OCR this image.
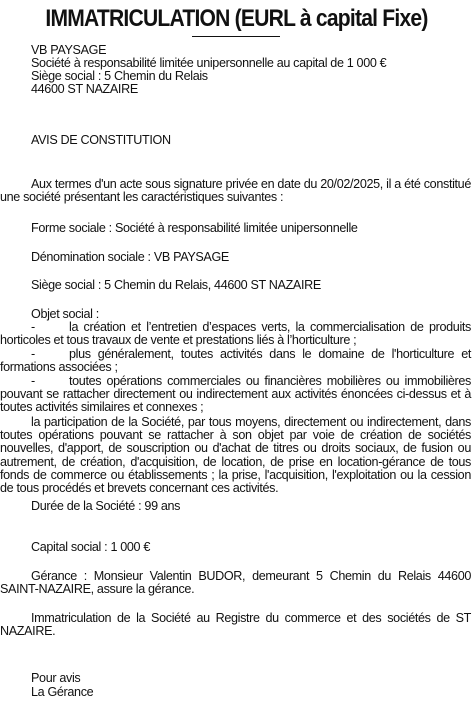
IMMATRICULATION (EURL à capital Fixe)

VB PAYSAGE

Société à responsabilité limitée unipersonnelle au capital de 1 000 €

Siège social : 5 Chemin du Relais

44600 ST NAZAIRE

AVIS DE CONSTITUTION

Aux termes d'un acte sous signature privée en date du 20/02/2025, il a été constitué une société présentant les caractéristiques suivantes :

Forme sociale : Société à responsabilité limitée unipersonnelle

Dénomination sociale : VB PAYSAGE

Siège social : 5 Chemin du Relais, 44600 ST NAZAIRE

Objet social :

-	la création et l’entretien d’espaces verts, la commercialisation de produits horticoles et tous travaux de vente et prestations liés à l’horticulture ;

-	plus généralement, toutes activités dans le domaine de l'horticulture et formations associées ;

-	toutes opérations commerciales ou financières mobilières ou immobilières pouvant se rattacher directement ou indirectement aux activités énoncées ci-dessus et à toutes activités similaires et connexes ;

la participation de la Société, par tous moyens, directement ou indirectement, dans toutes opérations pouvant se rattacher à son objet par voie de création de sociétés nouvelles, d'apport, de souscription ou d'achat de titres ou droits sociaux, de fusion ou autrement, de création, d'acquisition, de location, de prise en location-gérance de tous fonds de commerce ou établissements ; la prise, l'acquisition, l'exploitation ou la cession de tous procédés et brevets concernant ces activités.

Durée de la Société : 99 ans

Capital social : 1 000 €

Gérance : Monsieur Valentin BUDOR, demeurant 5 Chemin du Relais 44600 SAINT-NAZAIRE, assure la gérance.

Immatriculation de la Société au Registre du commerce et des sociétés de ST NAZAIRE.

Pour avis

La Gérance
